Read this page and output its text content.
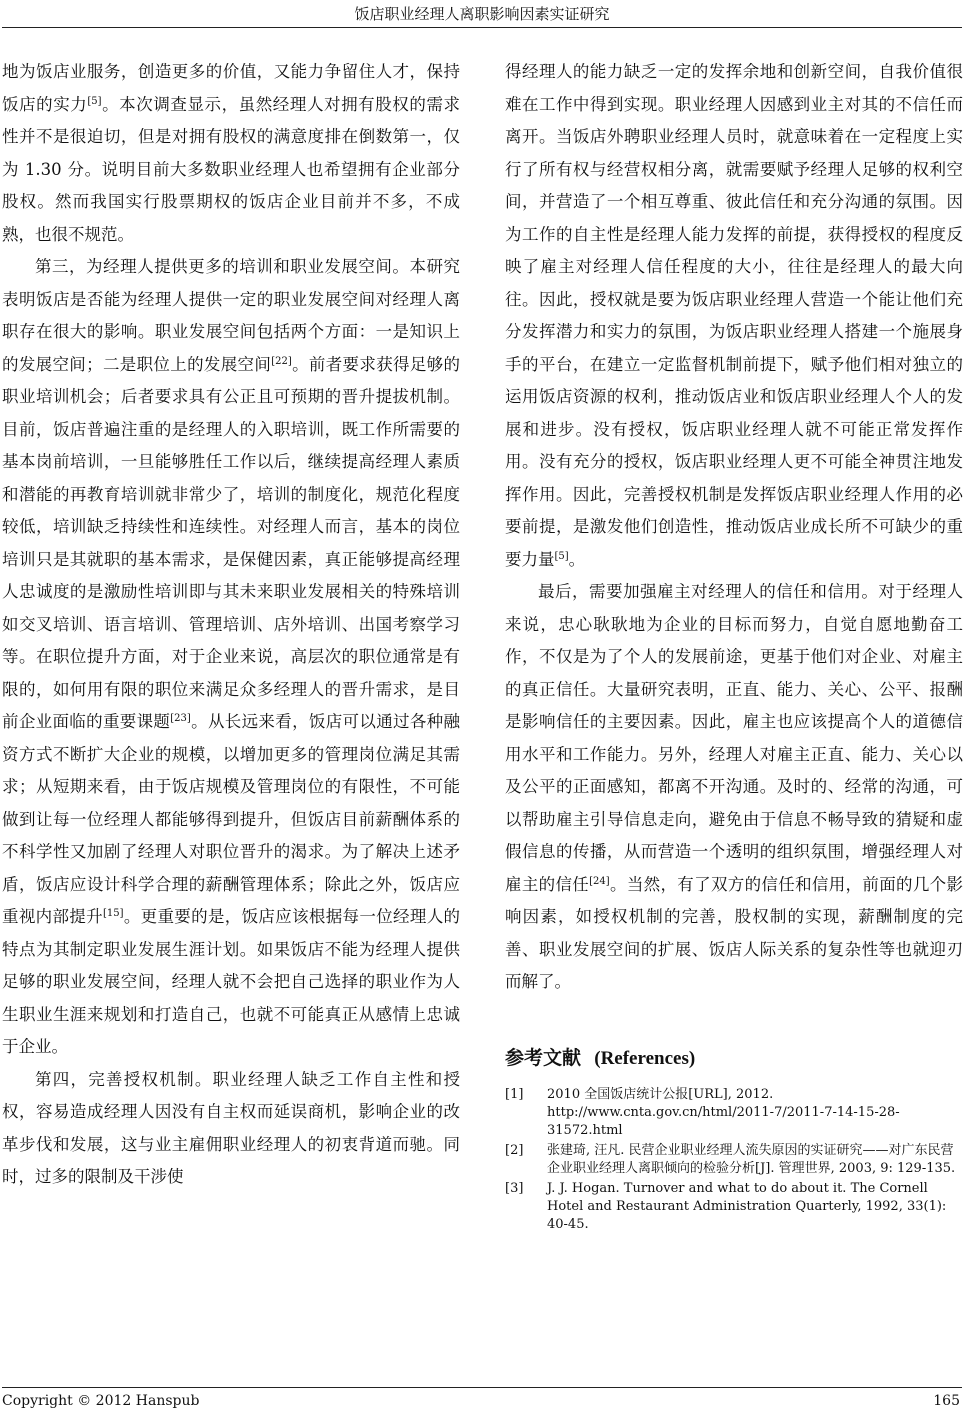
饭店职业经理人离职影响因素实证研究

地为饭店业服务，创造更多的价值，又能力争留住人才，保持饭店的实力[5]。本次调查显示，虽然经理人对拥有股权的需求性并不是很迫切，但是对拥有股权的满意度排在倒数第一，仅为 1.30 分。说明目前大多数职业经理人也希望拥有企业部分股权。然而我国实行股票期权的饭店企业目前并不多，不成熟，也很不规范。

第三，为经理人提供更多的培训和职业发展空间。本研究表明饭店是否能为经理人提供一定的职业发展空间对经理人离职存在很大的影响。职业发展空间包括两个方面：一是知识上的发展空间；二是职位上的发展空间[22]。前者要求获得足够的职业培训机会；后者要求具有公正且可预期的晋升提拔机制。目前，饭店普遍注重的是经理人的入职培训，既工作所需要的基本岗前培训，一旦能够胜任工作以后，继续提高经理人素质和潜能的再教育培训就非常少了，培训的制度化，规范化程度较低，培训缺乏持续性和连续性。对经理人而言，基本的岗位培训只是其就职的基本需求，是保健因素，真正能够提高经理人忠诚度的是激励性培训即与其未来职业发展相关的特殊培训如交叉培训、语言培训、管理培训、店外培训、出国考察学习等。在职位提升方面，对于企业来说，高层次的职位通常是有限的，如何用有限的职位来满足众多经理人的晋升需求，是目前企业面临的重要课题[23]。从长远来看，饭店可以通过各种融资方式不断扩大企业的规模，以增加更多的管理岗位满足其需求；从短期来看，由于饭店规模及管理岗位的有限性，不可能做到让每一位经理人都能够得到提升，但饭店目前薪酬体系的不科学性又加剧了经理人对职位晋升的渴求。为了解决上述矛盾，饭店应设计科学合理的薪酬管理体系；除此之外，饭店应重视内部提升[15]。更重要的是，饭店应该根据每一位经理人的特点为其制定职业发展生涯计划。如果饭店不能为经理人提供足够的职业发展空间，经理人就不会把自己选择的职业作为人生职业生涯来规划和打造自己，也就不可能真正从感情上忠诚于企业。

第四，完善授权机制。职业经理人缺乏工作自主性和授权，容易造成经理人因没有自主权而延误商机，影响企业的改革步伐和发展，这与业主雇佣职业经理人的初衷背道而驰。同时，过多的限制及干涉使

得经理人的能力缺乏一定的发挥余地和创新空间，自我价值很难在工作中得到实现。职业经理人因感到业主对其的不信任而离开。当饭店外聘职业经理人员时，就意味着在一定程度上实行了所有权与经营权相分离，就需要赋予经理人足够的权利空间，并营造了一个相互尊重、彼此信任和充分沟通的氛围。因为工作的自主性是经理人能力发挥的前提，获得授权的程度反映了雇主对经理人信任程度的大小，往往是经理人的最大向往。因此，授权就是要为饭店职业经理人营造一个能让他们充分发挥潜力和实力的氛围，为饭店职业经理人搭建一个施展身手的平台，在建立一定监督机制前提下，赋予他们相对独立的运用饭店资源的权利，推动饭店业和饭店职业经理人个人的发展和进步。没有授权，饭店职业经理人就不可能正常发挥作用。没有充分的授权，饭店职业经理人更不可能全神贯注地发挥作用。因此，完善授权机制是发挥饭店职业经理人作用的必要前提，是激发他们创造性，推动饭店业成长所不可缺少的重要力量[5]。

最后，需要加强雇主对经理人的信任和信用。对于经理人来说，忠心耿耿地为企业的目标而努力，自觉自愿地勤奋工作，不仅是为了个人的发展前途，更基于他们对企业、对雇主的真正信任。大量研究表明，正直、能力、关心、公平、报酬是影响信任的主要因素。因此，雇主也应该提高个人的道德信用水平和工作能力。另外，经理人对雇主正直、能力、关心以及公平的正面感知，都离不开沟通。及时的、经常的沟通，可以帮助雇主引导信息走向，避免由于信息不畅导致的猜疑和虚假信息的传播，从而营造一个透明的组织氛围，增强经理人对雇主的信任[24]。当然，有了双方的信任和信用，前面的几个影响因素，如授权机制的完善，股权制的实现，薪酬制度的完善、职业发展空间的扩展、饭店人际关系的复杂性等也就迎刃而解了。

参考文献 (References)
[1]	2010 全国饭店统计公报[URL], 2012. http://www.cnta.gov.cn/html/2011-7/2011-7-14-15-28-31572.html
[2]	张建琦, 汪凡. 民营企业职业经理人流失原因的实证研究——对广东民营企业职业经理人离职倾向的检验分析[J]. 管理世界, 2003, 9: 129-135.
[3]	J. J. Hogan. Turnover and what to do about it. The Cornell Hotel and Restaurant Administration Quarterly, 1992, 33(1): 40-45.
Copyright © 2012 Hanspub	165
